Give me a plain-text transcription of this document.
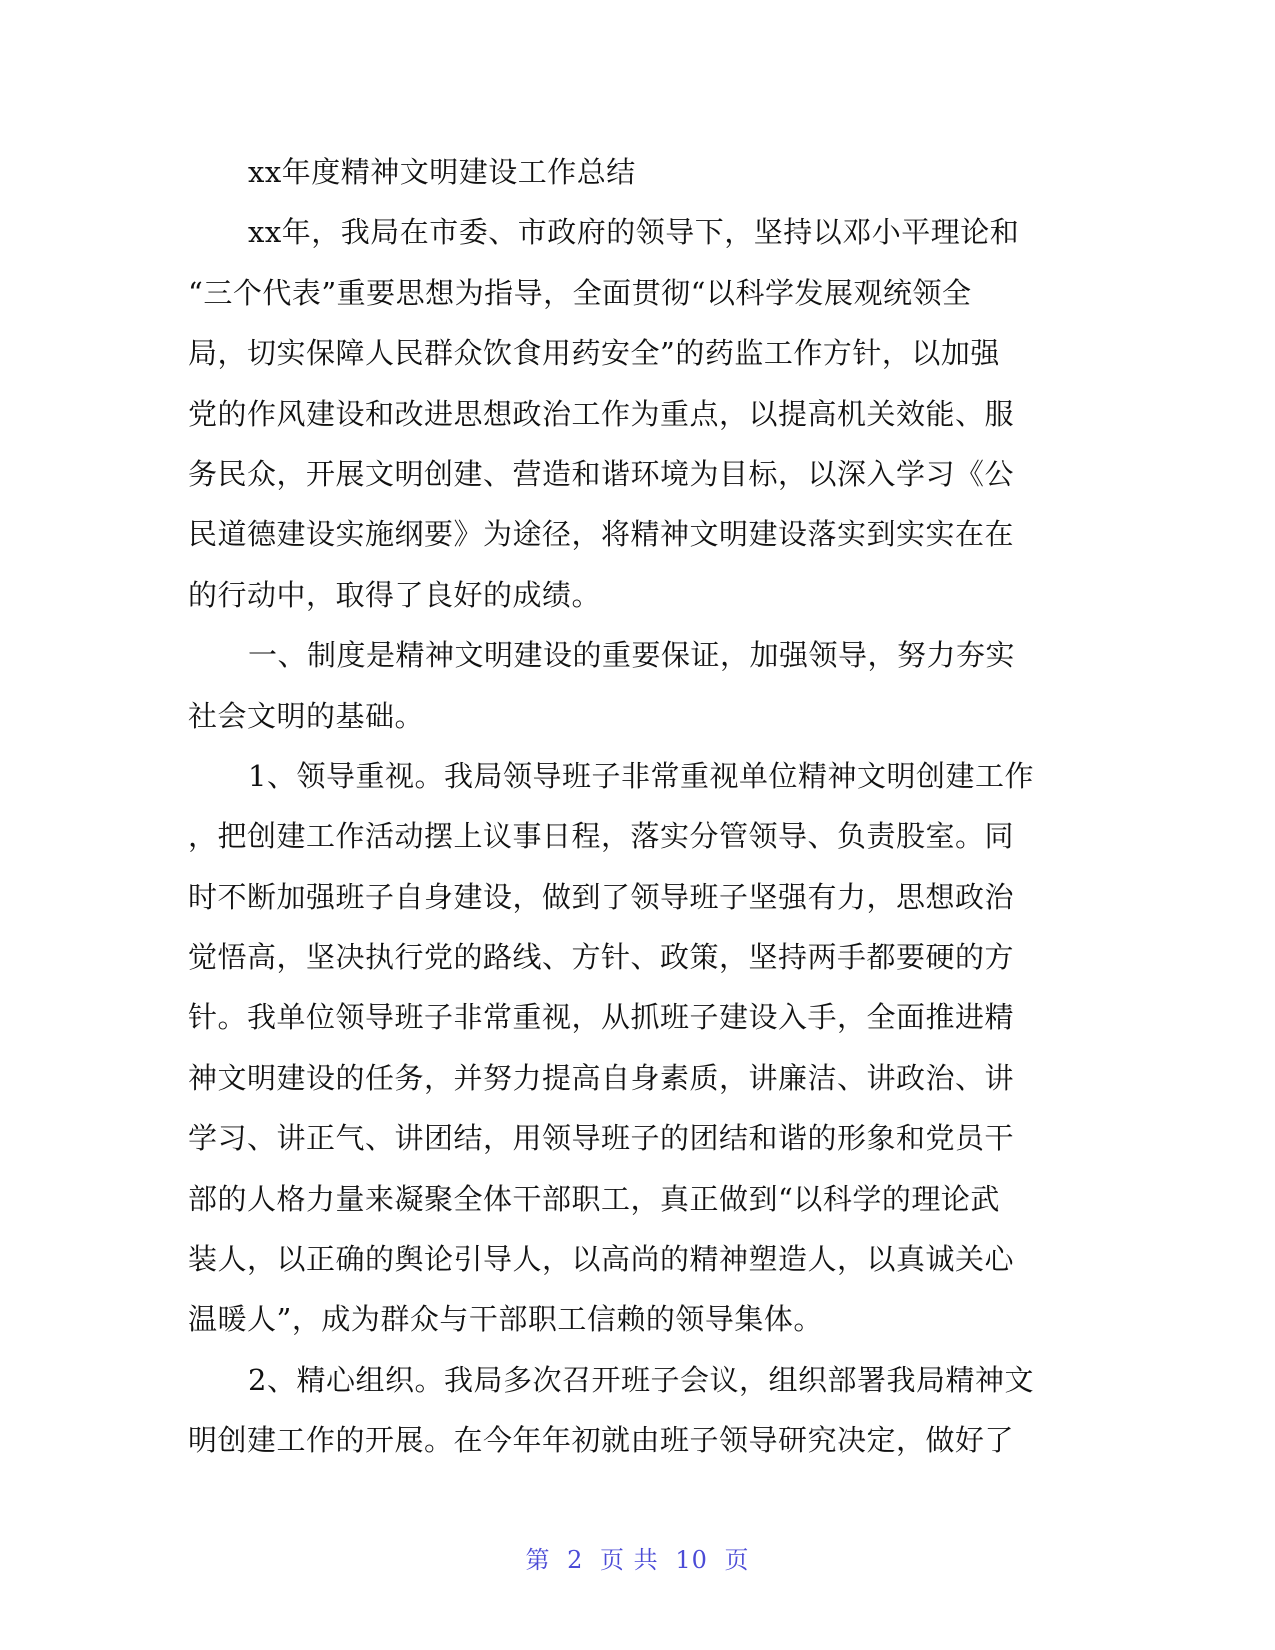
xx年度精神文明建设工作总结
xx年，我局在市委、市政府的领导下，坚持以邓小平理论和
“三个代表”重要思想为指导，全面贯彻“以科学发展观统领全
局，切实保障人民群众饮食用药安全”的药监工作方针，以加强
党的作风建设和改进思想政治工作为重点，以提高机关效能、服
务民众，开展文明创建、营造和谐环境为目标，以深入学习《公
民道德建设实施纲要》为途径，将精神文明建设落实到实实在在
的行动中，取得了良好的成绩。
一、制度是精神文明建设的重要保证，加强领导，努力夯实
社会文明的基础。
1、领导重视。我局领导班子非常重视单位精神文明创建工作
，把创建工作活动摆上议事日程，落实分管领导、负责股室。同
时不断加强班子自身建设，做到了领导班子坚强有力，思想政治
觉悟高，坚决执行党的路线、方针、政策，坚持两手都要硬的方
针。我单位领导班子非常重视，从抓班子建设入手，全面推进精
神文明建设的任务，并努力提高自身素质，讲廉洁、讲政治、讲
学习、讲正气、讲团结，用领导班子的团结和谐的形象和党员干
部的人格力量来凝聚全体干部职工，真正做到“以科学的理论武
装人，以正确的舆论引导人，以高尚的精神塑造人，以真诚关心
温暖人”，成为群众与干部职工信赖的领导集体。
2、精心组织。我局多次召开班子会议，组织部署我局精神文
明创建工作的开展。在今年年初就由班子领导研究决定，做好了
第 2 页 共 10 页
